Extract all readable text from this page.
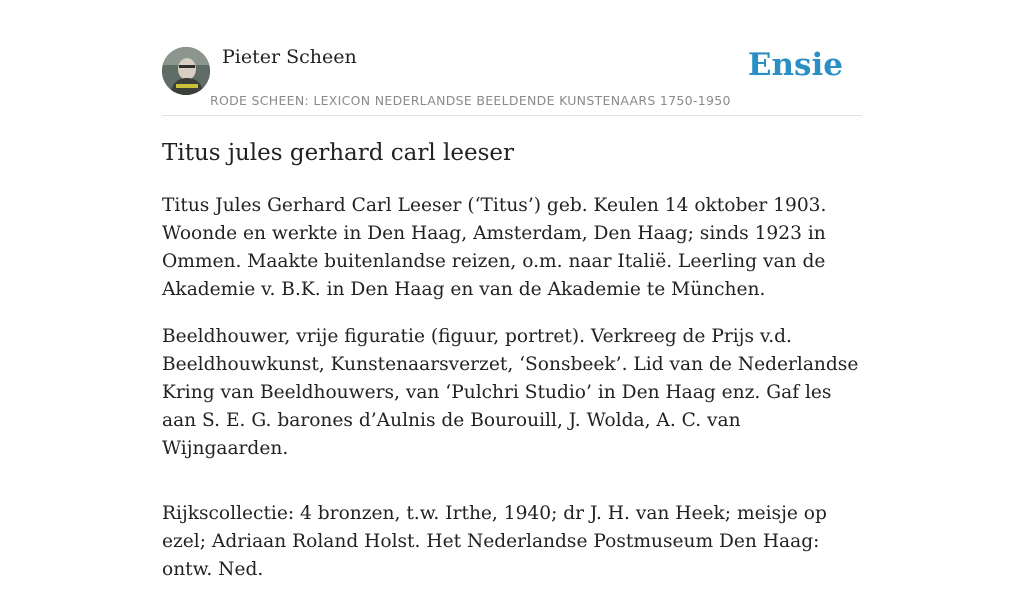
Pieter Scheen
RODE SCHEEN: LEXICON NEDERLANDSE BEELDENDE KUNSTENAARS 1750-1950
Ensie
Titus jules gerhard carl leeser

Titus Jules Gerhard Carl Leeser (‘Titus’) geb. Keulen 14 oktober 1903. Woonde en werkte in Den Haag, Amsterdam, Den Haag; sinds 1923 in Ommen. Maakte buitenlandse reizen, o.m. naar Italië. Leerling van de Akademie v. B.K. in Den Haag en van de Akademie te München.

Beeldhouwer, vrije figuratie (figuur, portret). Verkreeg de Prijs v.d. Beeldhouwkunst, Kunstenaarsverzet, ‘Sonsbeek’. Lid van de Nederlandse Kring van Beeldhouwers, van ‘Pulchri Studio’ in Den Haag enz. Gaf les aan S. E. G. barones d’Aulnis de Bourouill, J. Wolda, A. C. van Wijngaarden.

Rijkscollectie: 4 bronzen, t.w. Irthe, 1940; dr J. H. van Heek; meisje op ezel; Adriaan Roland Holst. Het Nederlandse Postmuseum Den Haag: ontw. Ned.
